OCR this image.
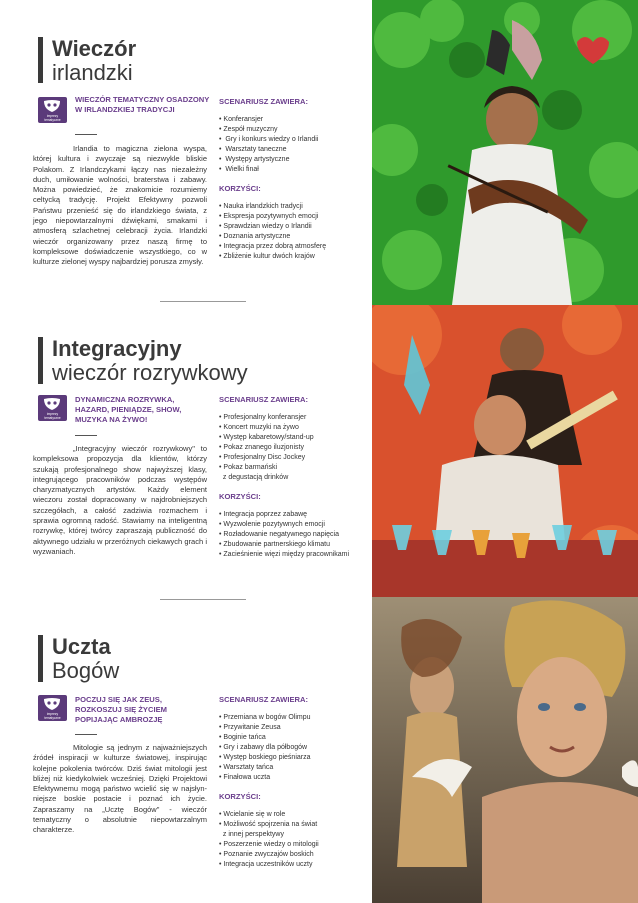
Wieczór
irlandzki
imprezy tematyczne
WIECZÓR TEMATYCZNY OSADZONY W IRLANDZKIEJ TRADYCJI

Irlandia to magiczna zielona wyspa, której kultura i zwyczaje są niezwykle bliskie Polakom. Z Irlandczykami łączy nas niezależny duch, umiłowanie wolności, braterstwa i zabawy. Można powiedzieć, że znakomicie rozumiemy celtycką tradycję. Projekt Efektywny pozwoli Państwu przenieść się do irlandzkiego świata, z jego niepowtarzalnymi dźwiękami, smakami i atmosferą szlachetnej celebracji życia. Irlandzki wieczór organizowany przez naszą firmę to kompleksowe doświadczenie wszystkiego, co w kulturze zielonej wyspy najbardziej porusza zmysły.

SCENARIUSZ ZAWIERA:
• Konferansjer
• Zespół muzyczny
•  Gry i konkurs wiedzy o Irlandii
•  Warsztaty taneczne
•  Występy artystyczne
•  Wielki finał
KORZYŚCI:
• Nauka irlandzkich tradycji
• Ekspresja pozytywnych emocji
• Sprawdzian wiedzy o Irlandii
• Doznania artystyczne
• Integracja przez dobrą atmosferę
• Zbliżenie kultur dwóch krajów
Integracyjny
wieczór rozrywkowy
imprezy tematyczne
DYNAMICZNA ROZRYWKA, HAZARD, PIENIĄDZE, SHOW, MUZYKA NA ŻYWO!

„Integracyjny wieczór rozrywkowy" to kompleksowa propozycja dla klientów, którzy szukają profesjonalnego show najwyższej klasy, integrującego pracowników podczas występów charyzmatycznych artystów. Każdy element wieczoru został dopracowany w najdrobniejszych szczegółach, a całość zadziwia rozmachem i sprawia ogromną radość. Stawiamy na inteligentną rozrywkę, której twórcy zapraszają publiczność do aktywnego udziału w przeróżnych ciekawych grach i wyzwaniach.

SCENARIUSZ ZAWIERA:
• Profesjonalny konferansjer
• Koncert muzyki na żywo
• Występ kabaretowy/stand-up
• Pokaz znanego iluzjonisty
• Profesjonalny Disc Jockey
• Pokaz barmański
z degustacją drinków
KORZYŚCI:
• Integracja poprzez zabawę
• Wyzwolenie pozytywnych emocji
• Rozładowanie negatywnego napięcia
• Zbudowanie partnerskiego klimatu
• Zacieśnienie więzi między pracownikami
Uczta
Bogów
imprezy tematyczne
POCZUJ SIĘ JAK ZEUS, ROZKOSZUJ SIĘ ŻYCIEM POPIJAJĄC AMBROZJĘ

Mitologie są jednym z najważniejszych źródeł inspiracji w kulturze światowej, inspirując kolejne pokolenia twórców. Dziś świat mitologii jest bliżej niż kiedykolwiek wcześniej. Dzięki Projektowi Efektywnemu mogą państwo wcielić się w najsłynniejsze boskie postacie i poznać ich życie. Zapraszamy na „Ucztę Bogów" - wieczór tematyczny o absolutnie niepowtarzalnym charakterze.

SCENARIUSZ ZAWIERA:
• Przemiana w bogów Olimpu
• Przywitanie Zeusa
• Boginie tańca
• Gry i zabawy dla półbogów
• Występ boskiego pieśniarza
• Warsztaty tańca
• Finałowa uczta
KORZYŚCI:
• Wcielanie się w role
• Możliwość spojrzenia na świat
z innej perspektywy
• Poszerzenie wiedzy o mitologii
• Poznanie zwyczajów boskich
• Integracja uczestników uczty
